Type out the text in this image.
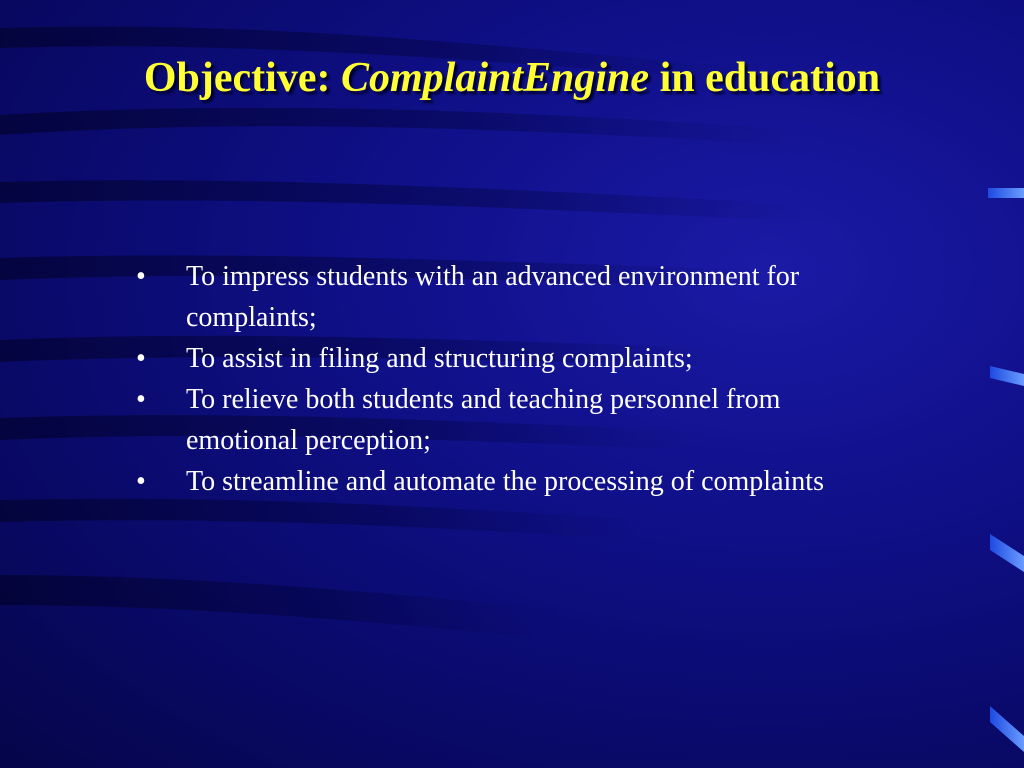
Objective: ComplaintEngine in education
•	To impress students with an advanced environment for complaints;
•	To assist in filing and structuring complaints;
•	To relieve both students and teaching personnel from emotional perception;
•	To streamline and automate the processing of complaints
